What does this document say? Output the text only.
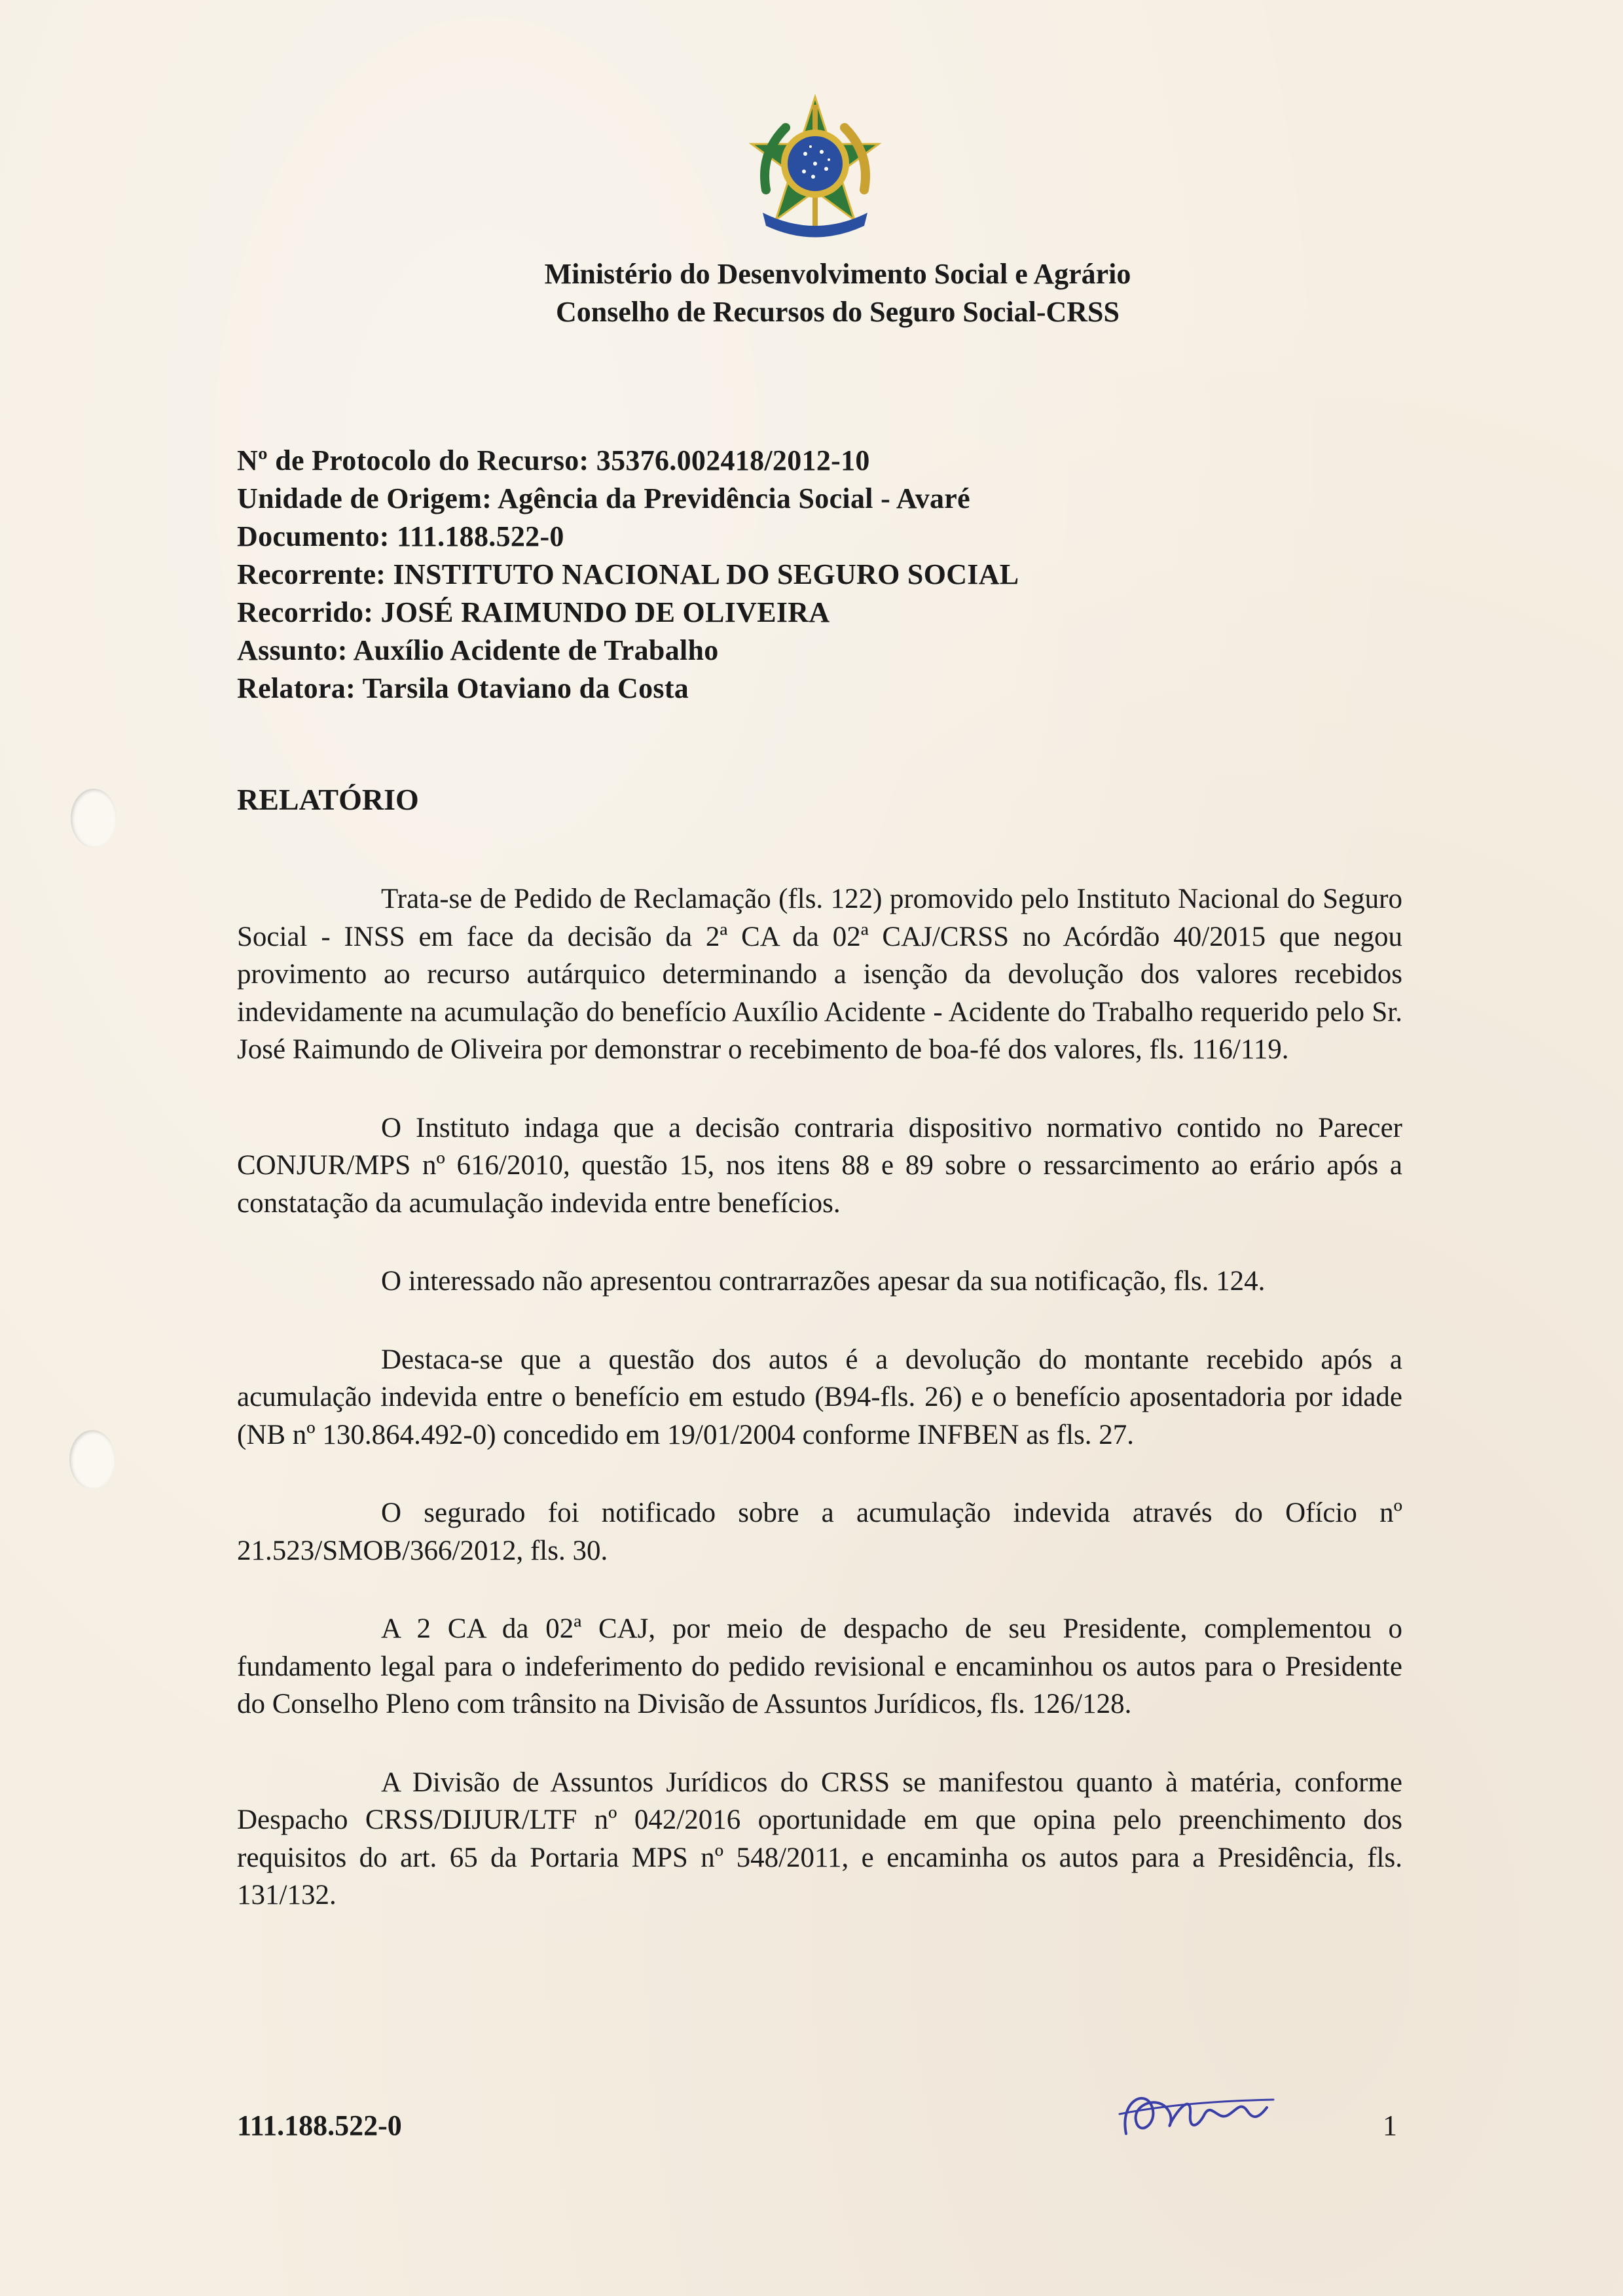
Ministério do Desenvolvimento Social e Agrário
Conselho de Recursos do Seguro Social-CRSS
Nº de Protocolo do Recurso: 35376.002418/2012-10
Unidade de Origem: Agência da Previdência Social - Avaré
Documento: 111.188.522-0
Recorrente: INSTITUTO NACIONAL DO SEGURO SOCIAL
Recorrido: JOSÉ RAIMUNDO DE OLIVEIRA
Assunto: Auxílio Acidente de Trabalho
Relatora: Tarsila Otaviano da Costa
RELATÓRIO

Trata-se de Pedido de Reclamação (fls. 122) promovido pelo Instituto Nacional do Seguro Social - INSS em face da decisão da 2ª CA da 02ª CAJ/CRSS no Acórdão 40/2015 que negou provimento ao recurso autárquico determinando a isenção da devolução dos valores recebidos indevidamente na acumulação do benefício Auxílio Acidente - Acidente do Trabalho requerido pelo Sr. José Raimundo de Oliveira por demonstrar o recebimento de boa-fé dos valores, fls. 116/119.

O Instituto indaga que a decisão contraria dispositivo normativo contido no Parecer CONJUR/MPS nº 616/2010, questão 15, nos itens 88 e 89 sobre o ressarcimento ao erário após a constatação da acumulação indevida entre benefícios.

O interessado não apresentou contrarrazões apesar da sua notificação, fls. 124.

Destaca-se que a questão dos autos é a devolução do montante recebido após a acumulação indevida entre o benefício em estudo (B94-fls. 26) e o benefício aposentadoria por idade (NB nº 130.864.492-0) concedido em 19/01/2004 conforme INFBEN as fls. 27.

O segurado foi notificado sobre a acumulação indevida através do Ofício nº 21.523/SMOB/366/2012, fls. 30.

A 2 CA da 02ª CAJ, por meio de despacho de seu Presidente, complementou o fundamento legal para o indeferimento do pedido revisional e encaminhou os autos para o Presidente do Conselho Pleno com trânsito na Divisão de Assuntos Jurídicos, fls. 126/128.

A Divisão de Assuntos Jurídicos do CRSS se manifestou quanto à matéria, conforme Despacho CRSS/DIJUR/LTF nº 042/2016 oportunidade em que opina pelo preenchimento dos requisitos do art. 65 da Portaria MPS nº 548/2011, e encaminha os autos para a Presidência, fls. 131/132.

111.188.522-0	1
